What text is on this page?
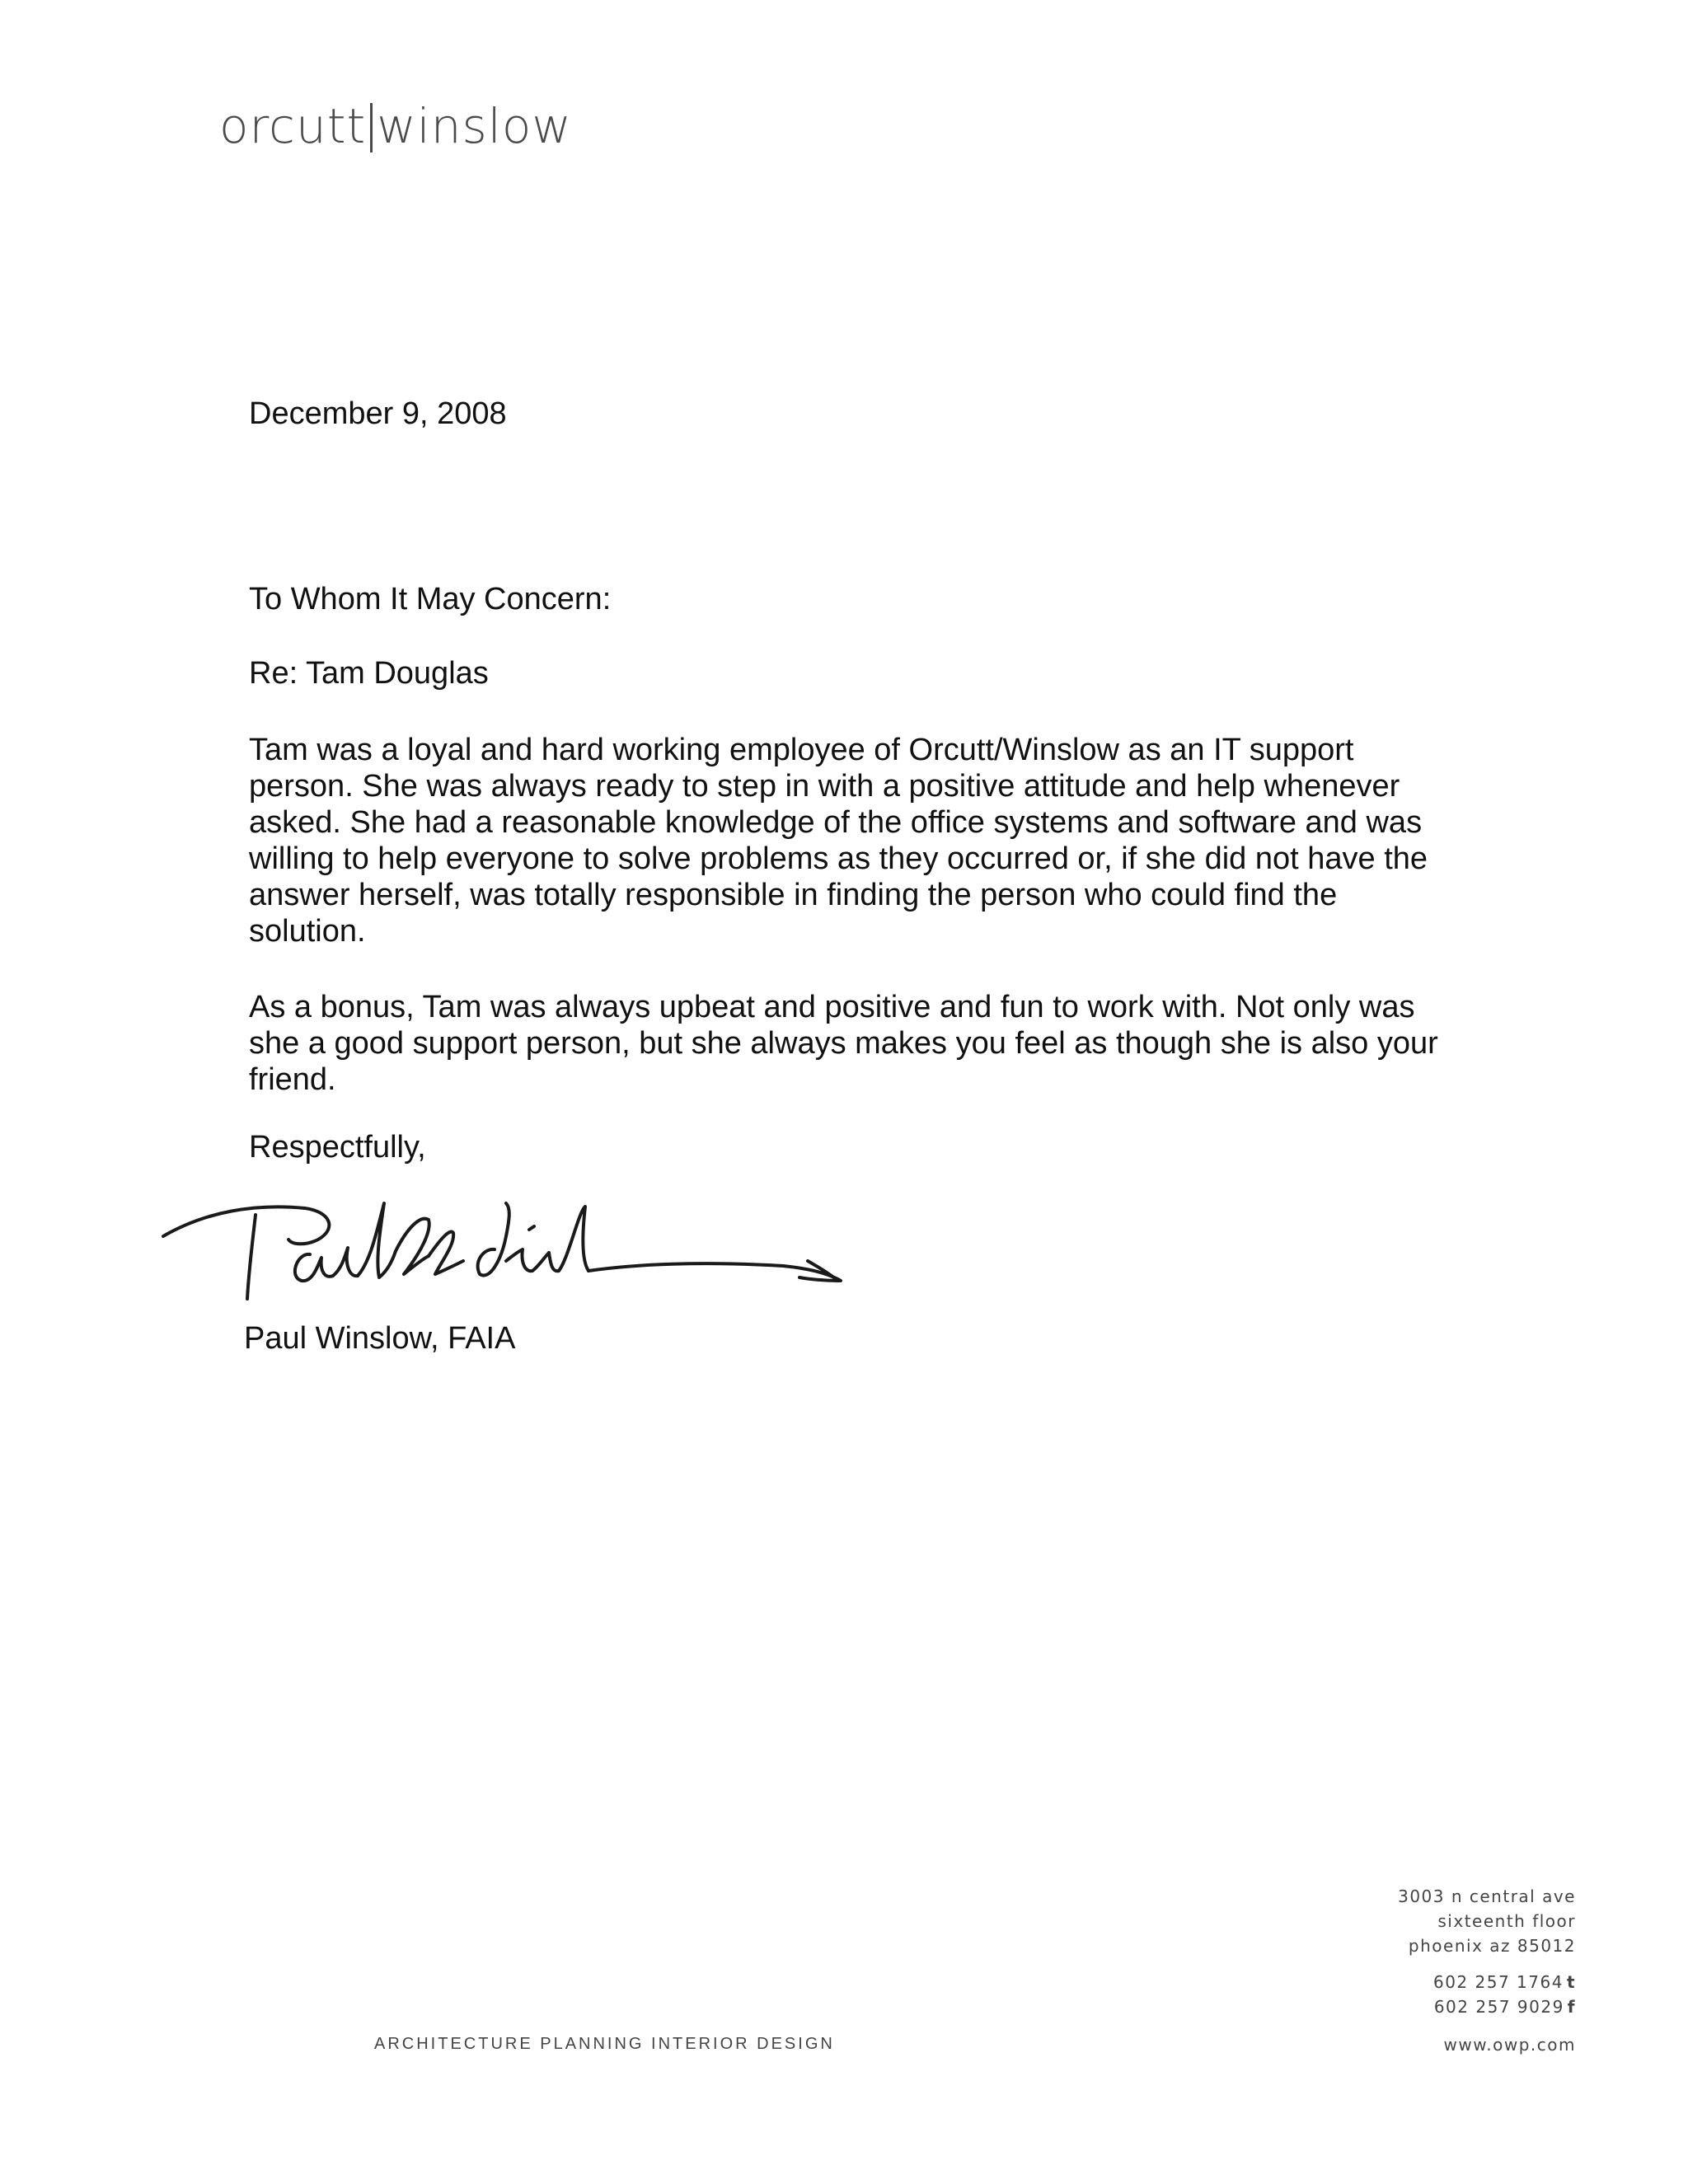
orcutt winslow
December 9, 2008
To Whom It May Concern:
Re: Tam Douglas
Tam was a loyal and hard working employee of Orcutt/Winslow as an IT support person. She was always ready to step in with a positive attitude and help whenever asked. She had a reasonable knowledge of the office systems and software and was willing to help everyone to solve problems as they occurred or, if she did not have the answer herself, was totally responsible in finding the person who could find the solution.
As a bonus, Tam was always upbeat and positive and fun to work with. Not only was she a good support person, but she always makes you feel as though she is also your friend.
Respectfully,
Paul Winslow, FAIA
ARCHITECTURE PLANNING INTERIOR DESIGN
3003 n central ave
sixteenth floor
phoenix az 85012
602 257 1764 t
602 257 9029 f
www.owp.com
